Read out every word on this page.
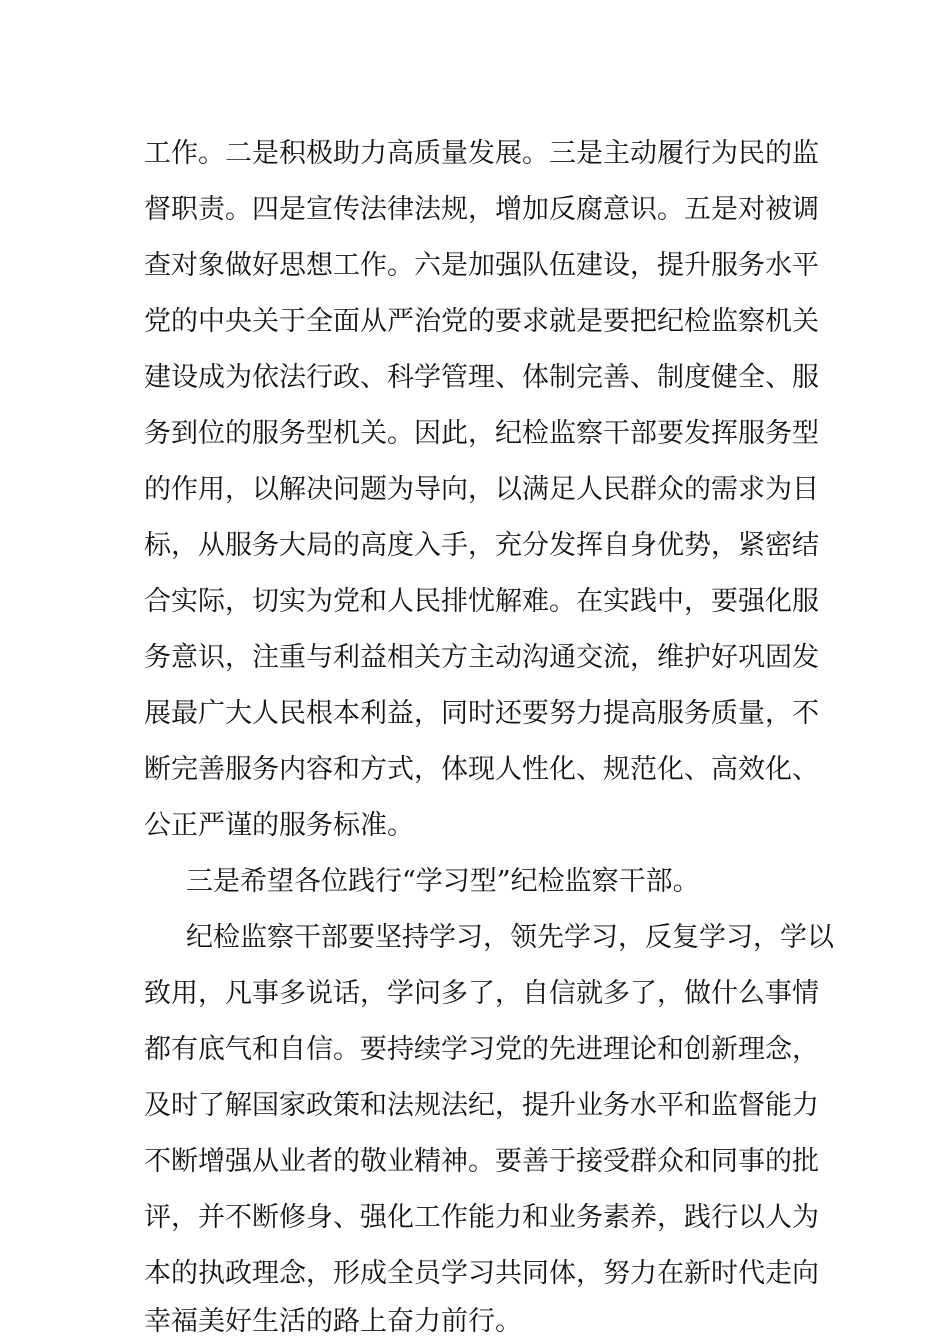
工作。二是积极助力高质量发展。三是主动履行为民的监
督职责。四是宣传法律法规，增加反腐意识。五是对被调
查对象做好思想工作。六是加强队伍建设，提升服务水平
党的中央关于全面从严治党的要求就是要把纪检监察机关
建设成为依法行政、科学管理、体制完善、制度健全、服
务到位的服务型机关。因此，纪检监察干部要发挥服务型
的作用，以解决问题为导向，以满足人民群众的需求为目
标，从服务大局的高度入手，充分发挥自身优势，紧密结
合实际，切实为党和人民排忧解难。在实践中，要强化服
务意识，注重与利益相关方主动沟通交流，维护好巩固发
展最广大人民根本利益，同时还要努力提高服务质量，不
断完善服务内容和方式，体现人性化、规范化、高效化、
公正严谨的服务标准。
三是希望各位践行“学习型”纪检监察干部。
纪检监察干部要坚持学习，领先学习，反复学习，学以
致用，凡事多说话，学问多了，自信就多了，做什么事情
都有底气和自信。要持续学习党的先进理论和创新理念，
及时了解国家政策和法规法纪，提升业务水平和监督能力
不断增强从业者的敬业精神。要善于接受群众和同事的批
评，并不断修身、强化工作能力和业务素养，践行以人为
本的执政理念，形成全员学习共同体，努力在新时代走向
幸福美好生活的路上奋力前行。
